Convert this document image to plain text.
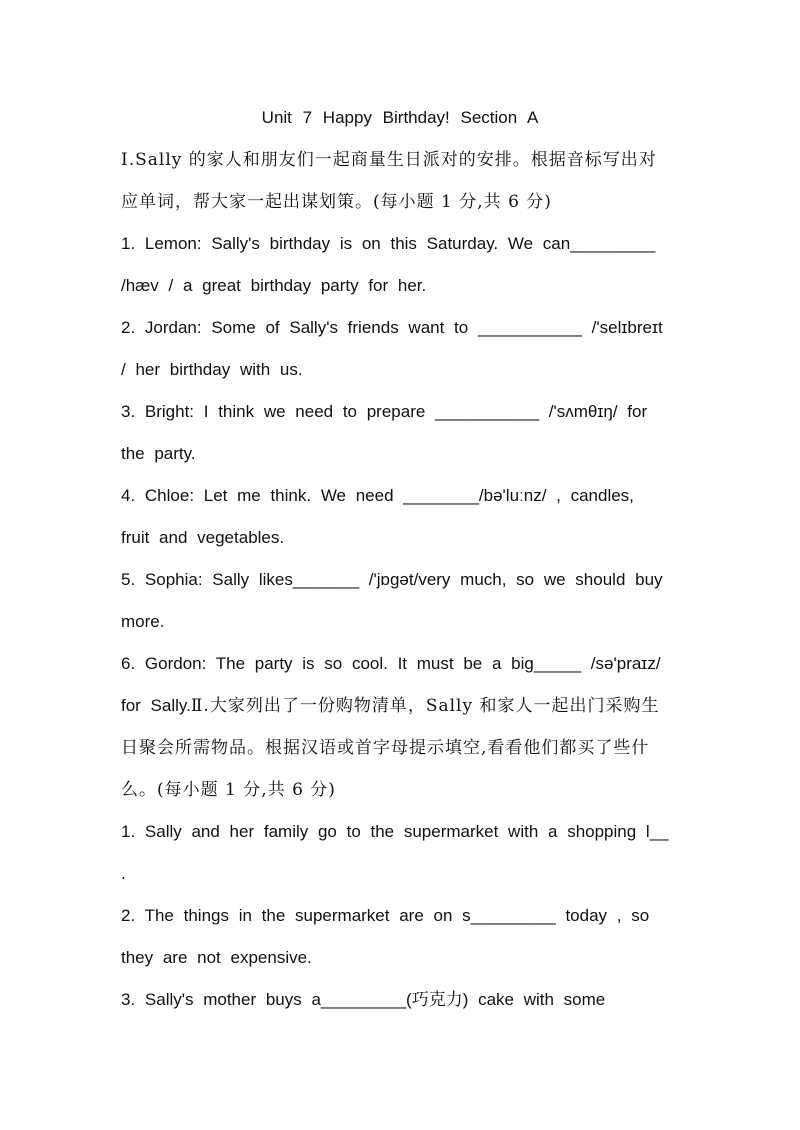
Unit 7 Happy Birthday! Section A
Ⅰ.Sally 的家人和朋友们一起商量生日派对的安排。根据音标写出对
应单词，帮大家一起出谋划策。(每小题 1 分,共 6 分)
1. Lemon: Sally's birthday is on this Saturday. We can_________
/hæv / a great birthday party for her.
2. Jordan: Some of Sally's friends want to ___________ /'selɪbreɪt
/ her birthday with us.
3. Bright: I think we need to prepare ___________ /'sʌmθɪŋ/ for
the party.
4. Chloe: Let me think. We need ________/bə'luːnz/ , candles,
fruit and vegetables.
5. Sophia: Sally likes_______ /'jɒgət/very much, so we should buy
more.
6. Gordon: The party is so cool. It must be a big_____ /sə'praɪz/
for Sally.Ⅱ.大家列出了一份购物清单，Sally 和家人一起出门采购生
日聚会所需物品。根据汉语或首字母提示填空,看看他们都买了些什
么。(每小题 1 分,共 6 分)
1. Sally and her family go to the supermarket with a shopping l__
.
2. The things in the supermarket are on s_________ today , so
they are not expensive.
3. Sally's mother buys a_________(巧克力) cake with some
